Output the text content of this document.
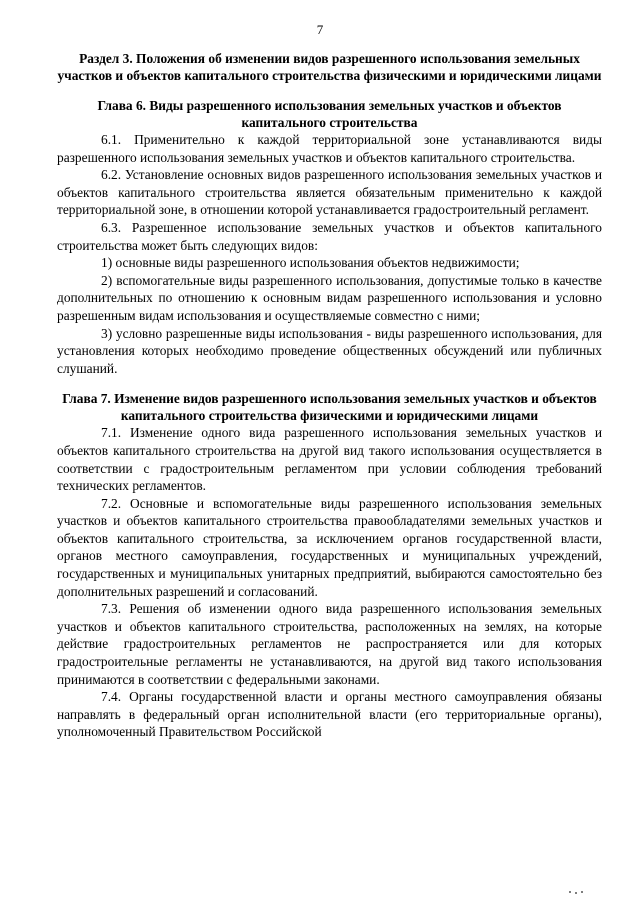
7

Раздел 3. Положения об изменении видов разрешенного использования земельных участков и объектов капитального строительства физическими и юридическими лицами

Глава 6. Виды разрешенного использования земельных участков и объектов капитального строительства

6.1. Применительно к каждой территориальной зоне устанавливаются виды разрешенного использования земельных участков и объектов капитального строительства.

6.2. Установление основных видов разрешенного использования земельных участков и объектов капитального строительства является обязательным применительно к каждой территориальной зоне, в отношении которой устанавливается градостроительный регламент.

6.3. Разрешенное использование земельных участков и объектов капитального строительства может быть следующих видов:

1) основные виды разрешенного использования объектов недвижимости;

2) вспомогательные виды разрешенного использования, допустимые только в качестве дополнительных по отношению к основным видам разрешенного использования и условно разрешенным видам использования и осуществляемые совместно с ними;

3) условно разрешенные виды использования - виды разрешенного использования, для установления которых необходимо проведение общественных обсуждений или публичных слушаний.

Глава 7. Изменение видов разрешенного использования земельных участков и объектов капитального строительства физическими и юридическими лицами

7.1. Изменение одного вида разрешенного использования земельных участков и объектов капитального строительства на другой вид такого использования осуществляется в соответствии с градостроительным регламентом при условии соблюдения требований технических регламентов.

7.2. Основные и вспомогательные виды разрешенного использования земельных участков и объектов капитального строительства правообладателями земельных участков и объектов капитального строительства, за исключением органов государственной власти, органов местного самоуправления, государственных и муниципальных учреждений, государственных и муниципальных унитарных предприятий, выбираются самостоятельно без дополнительных разрешений и согласований.

7.3. Решения об изменении одного вида разрешенного использования земельных участков и объектов капитального строительства, расположенных на землях, на которые действие градостроительных регламентов не распространяется или для которых градостроительные регламенты не устанавливаются, на другой вид такого использования принимаются в соответствии с федеральными законами.

7.4. Органы государственной власти и органы местного самоуправления обязаны направлять в федеральный орган исполнительной власти (его территориальные органы), уполномоченный Правительством Российской
